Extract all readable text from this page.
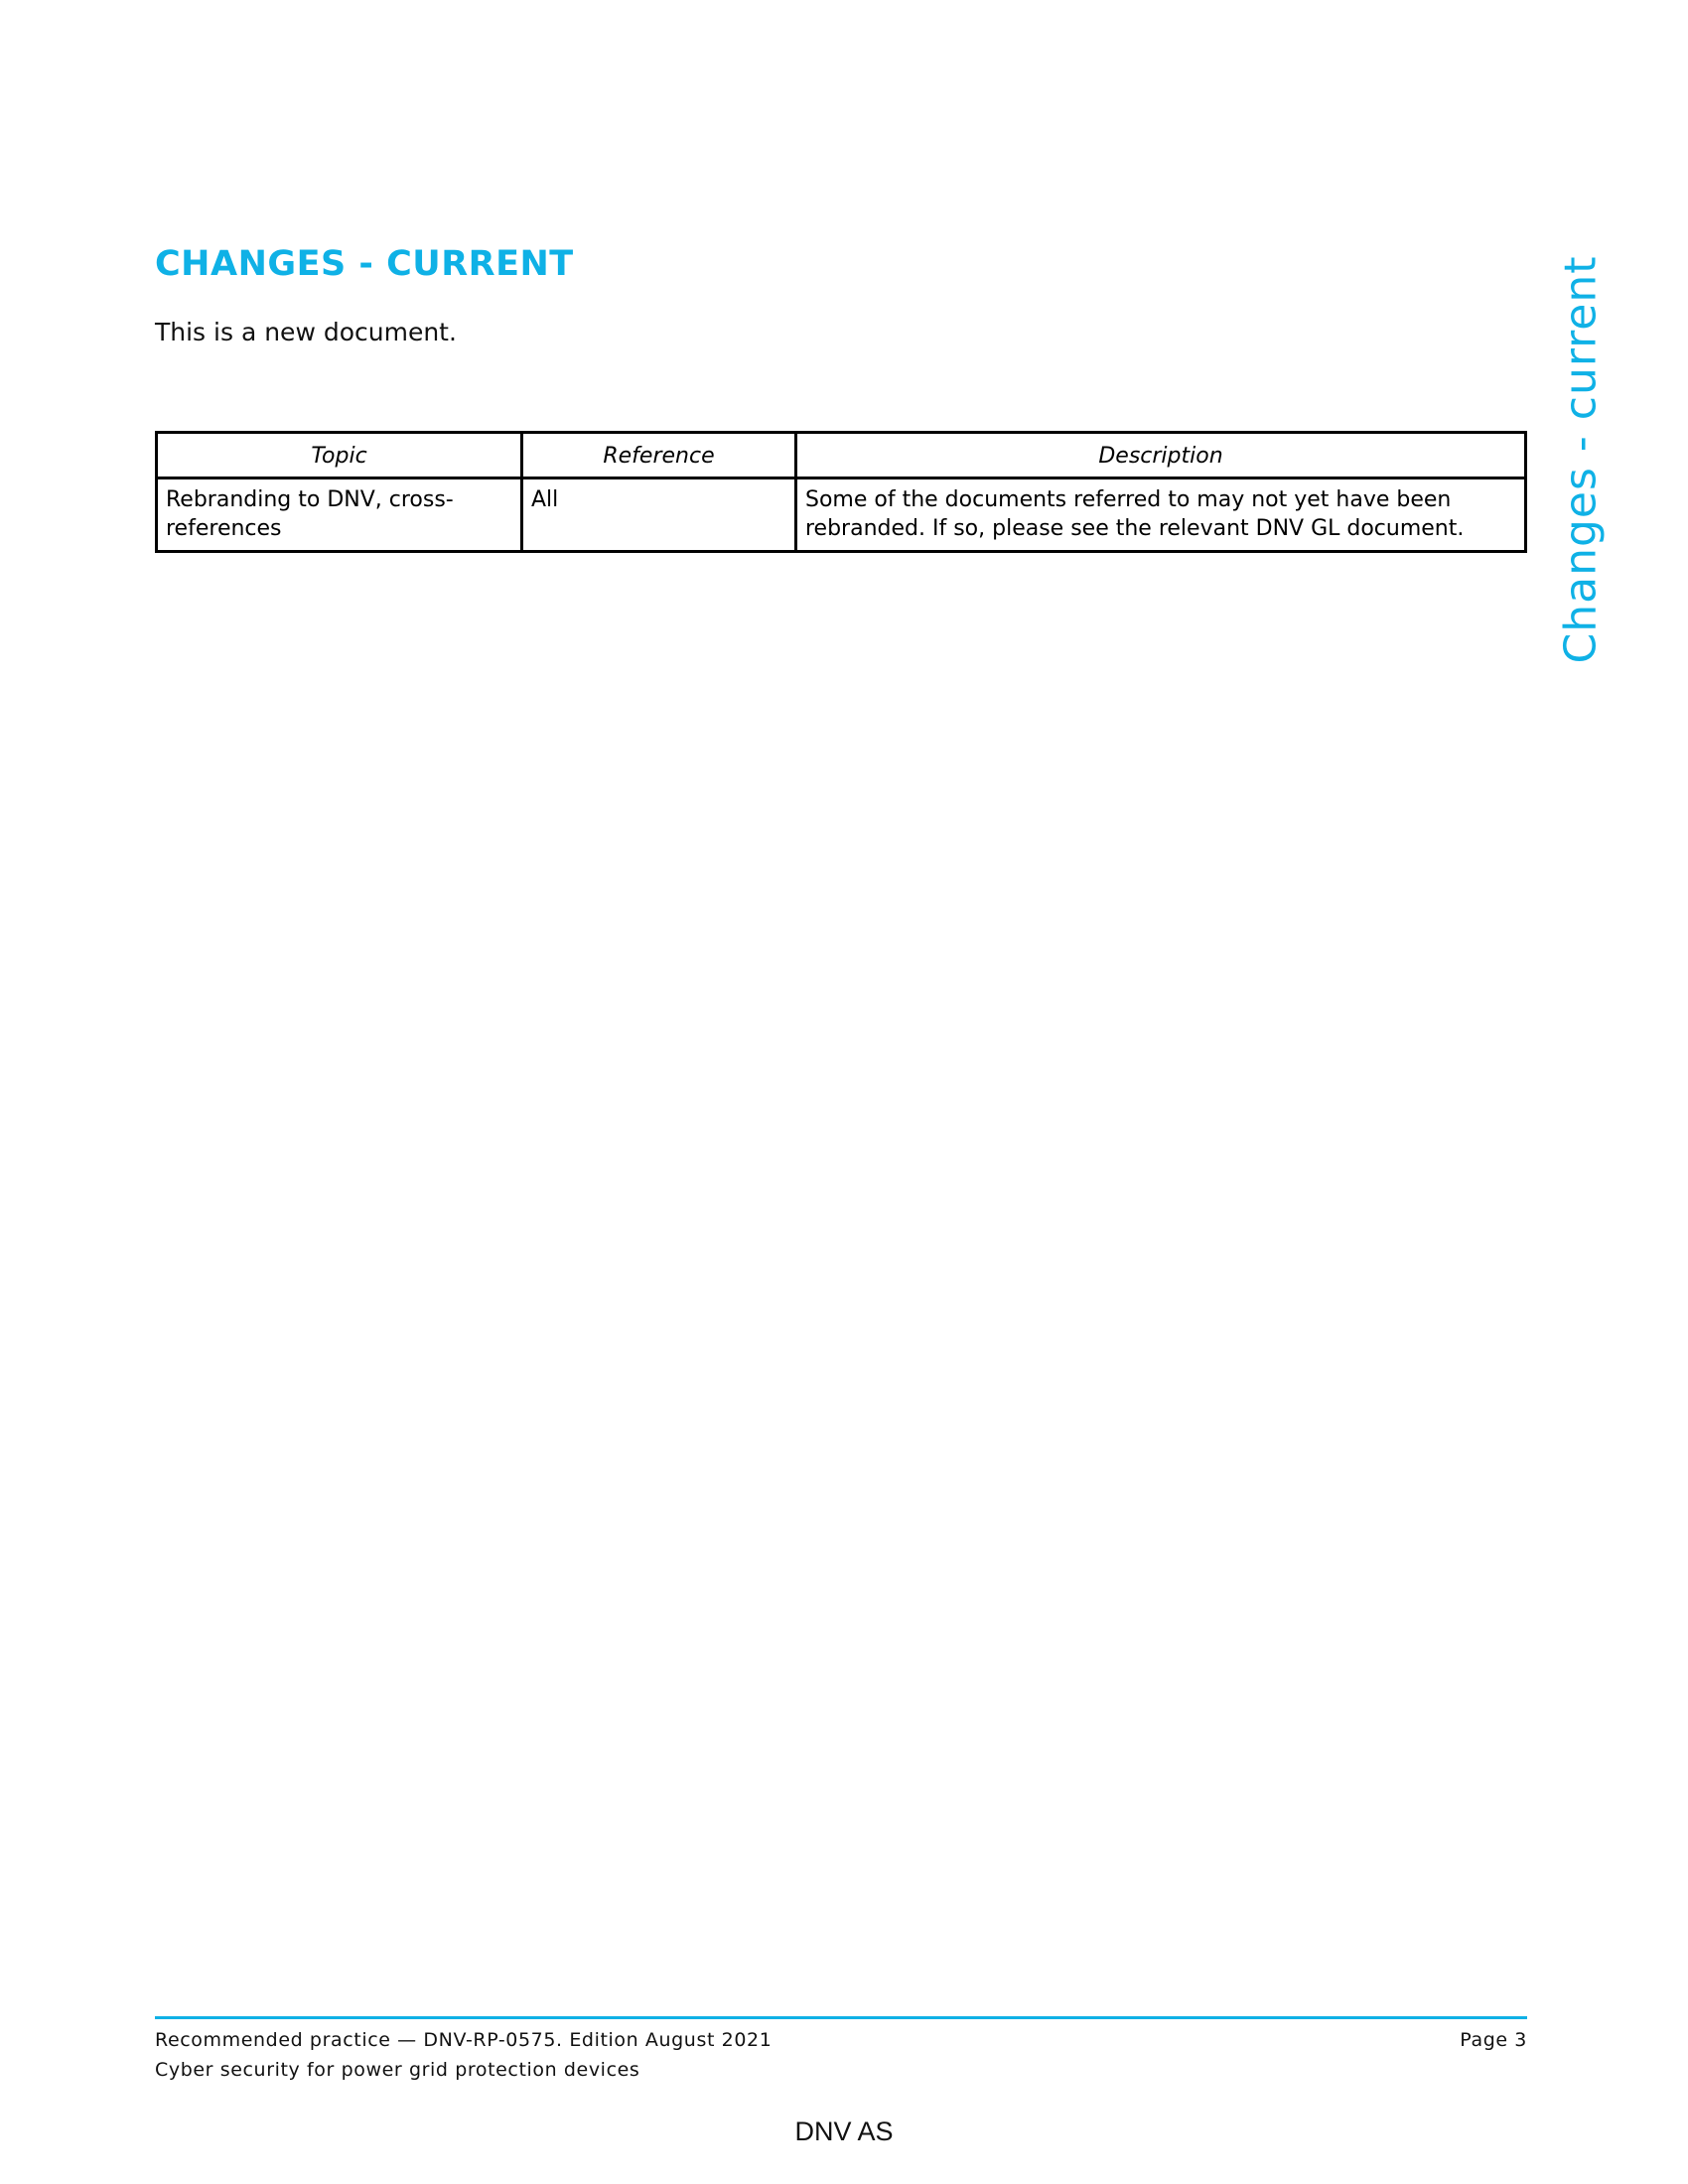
CHANGES - CURRENT

This is a new document.	Changes - current
Topic	Reference	Description
Rebranding to DNV, cross-references	All	Some of the documents referred to may not yet have been rebranded. If so, please see the relevant DNV GL document.
Recommended practice — DNV-RP-0575. Edition August 2021
Cyber security for power grid protection devices
Page 3
DNV AS
